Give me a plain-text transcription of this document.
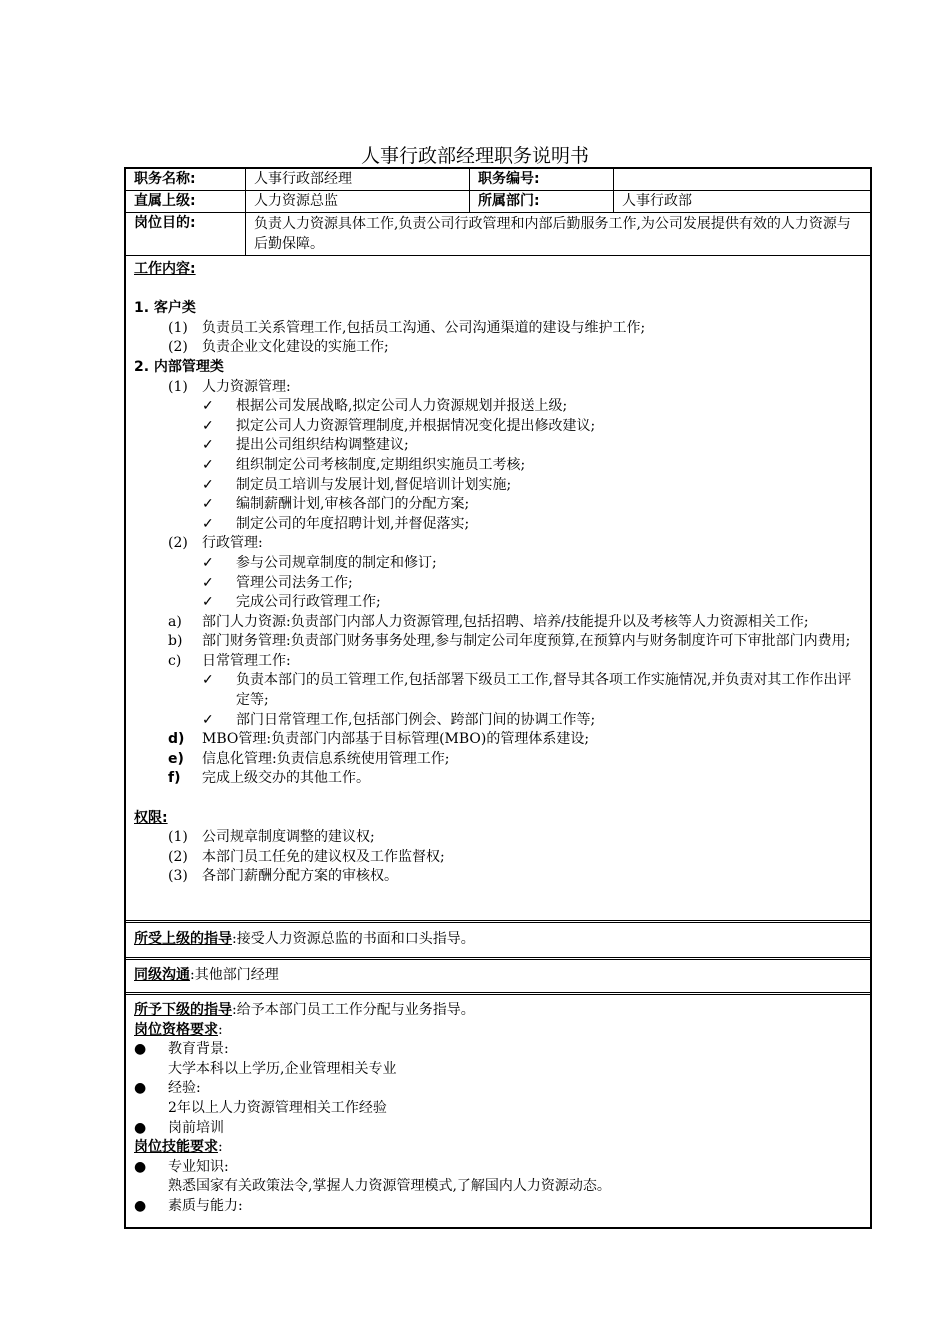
人事行政部经理职务说明书
职务名称:	人事行政部经理	职务编号:
直属上级:	人力资源总监	所属部门:	人事行政部
岗位目的:	负责人力资源具体工作,负责公司行政管理和内部后勤服务工作,为公司发展提供有效的人力资源与后勤保障。
工作内容:
1. 客户类
(1)	负责员工关系管理工作,包括员工沟通、公司沟通渠道的建设与维护工作;
(2)	负责企业文化建设的实施工作;
2. 内部管理类
(1)	人力资源管理:
✓	根据公司发展战略,拟定公司人力资源规划并报送上级;
✓	拟定公司人力资源管理制度,并根据情况变化提出修改建议;
✓	提出公司组织结构调整建议;
✓	组织制定公司考核制度,定期组织实施员工考核;
✓	制定员工培训与发展计划,督促培训计划实施;
✓	编制薪酬计划,审核各部门的分配方案;
✓	制定公司的年度招聘计划,并督促落实;
(2)	行政管理:
✓	参与公司规章制度的制定和修订;
✓	管理公司法务工作;
✓	完成公司行政管理工作;
a)	部门人力资源:负责部门内部人力资源管理,包括招聘、培养/技能提升以及考核等人力资源相关工作;
b)	部门财务管理:负责部门财务事务处理,参与制定公司年度预算,在预算内与财务制度许可下审批部门内费用;
c)	日常管理工作:
✓	负责本部门的员工管理工作,包括部署下级员工工作,督导其各项工作实施情况,并负责对其工作作出评定等;
✓	部门日常管理工作,包括部门例会、跨部门间的协调工作等;
d)	MBO管理:负责部门内部基于目标管理(MBO)的管理体系建设;
e)	信息化管理:负责信息系统使用管理工作;
f)	完成上级交办的其他工作。
权限:
(1)	公司规章制度调整的建议权;
(2)	本部门员工任免的建议权及工作监督权;
(3)	各部门薪酬分配方案的审核权。
所受上级的指导:接受人力资源总监的书面和口头指导。
同级沟通:其他部门经理
所予下级的指导:给予本部门员工工作分配与业务指导。
岗位资格要求:
●	教育背景:
大学本科以上学历,企业管理相关专业
●	经验:
2年以上人力资源管理相关工作经验
●	岗前培训
岗位技能要求:
●	专业知识:
熟悉国家有关政策法令,掌握人力资源管理模式,了解国内人力资源动态。
●	素质与能力:
